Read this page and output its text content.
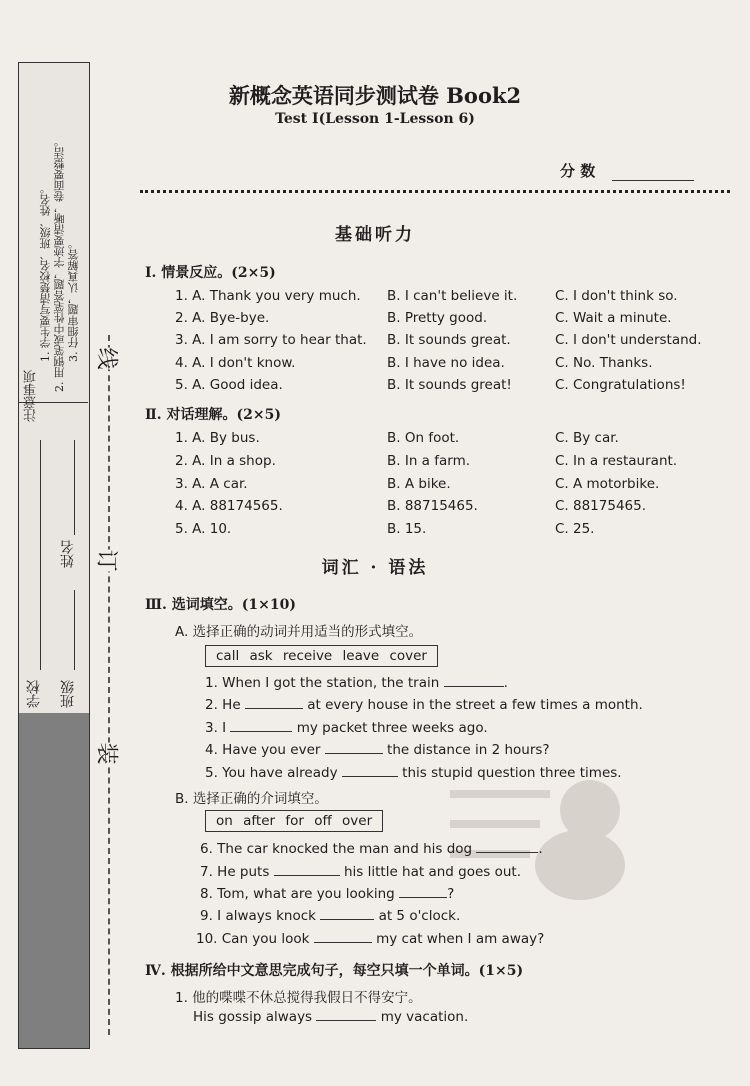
注意事项
1. 学生要写清楚校名、班级、姓名。 2. 用钢笔或中性笔答题，字迹要清晰，卷面要整洁。 3. 仔细审题，认真解答。
学校 班级
姓名
装
订
线
新概念英语同步测试卷 Book2
Test Ⅰ(Lesson 1-Lesson 6)
分 数
基础听力
Ⅰ. 情景反应。(2×5)
1. A. Thank you very much. B. I can't believe it.	C. I don't think so.
2. A. Bye-bye.	B. Pretty good.	C. Wait a minute.
3. A. I am sorry to hear that. B. It sounds great.	C. I don't understand.
4. A. I don't know.	B. I have no idea.	C. No. Thanks.
5. A. Good idea.	B. It sounds great!	C. Congratulations!
Ⅱ. 对话理解。(2×5)
1. A. By bus.	B. On foot.	C. By car.
2. A. In a shop.	B. In a farm.	C. In a restaurant.
3. A. A car.	B. A bike.	C. A motorbike.
4. A. 88174565.	B. 88715465.	C. 88175465.
5. A. 10.	B. 15.	C. 25.
词汇 · 语法
Ⅲ. 选词填空。(1×10)
A. 选择正确的动词并用适当的形式填空。
call ask receive leave cover
1. When I got the station, the train	.
2. He	at every house in the street a few times a month.
3. I	my packet three weeks ago.
4. Have you ever	the distance in 2 hours?
5. You have already	this stupid question three times.
B. 选择正确的介词填空。
on after for off over
6. The car knocked the man and his dog	.
7. He puts	his little hat and goes out.
8. Tom, what are you looking	?
9. I always knock	at 5 o'clock.
10. Can you look	my cat when I am away?
Ⅳ. 根据所给中文意思完成句子，每空只填一个单词。(1×5)
1. 他的喋喋不休总搅得我假日不得安宁。
His gossip always	my vacation.
